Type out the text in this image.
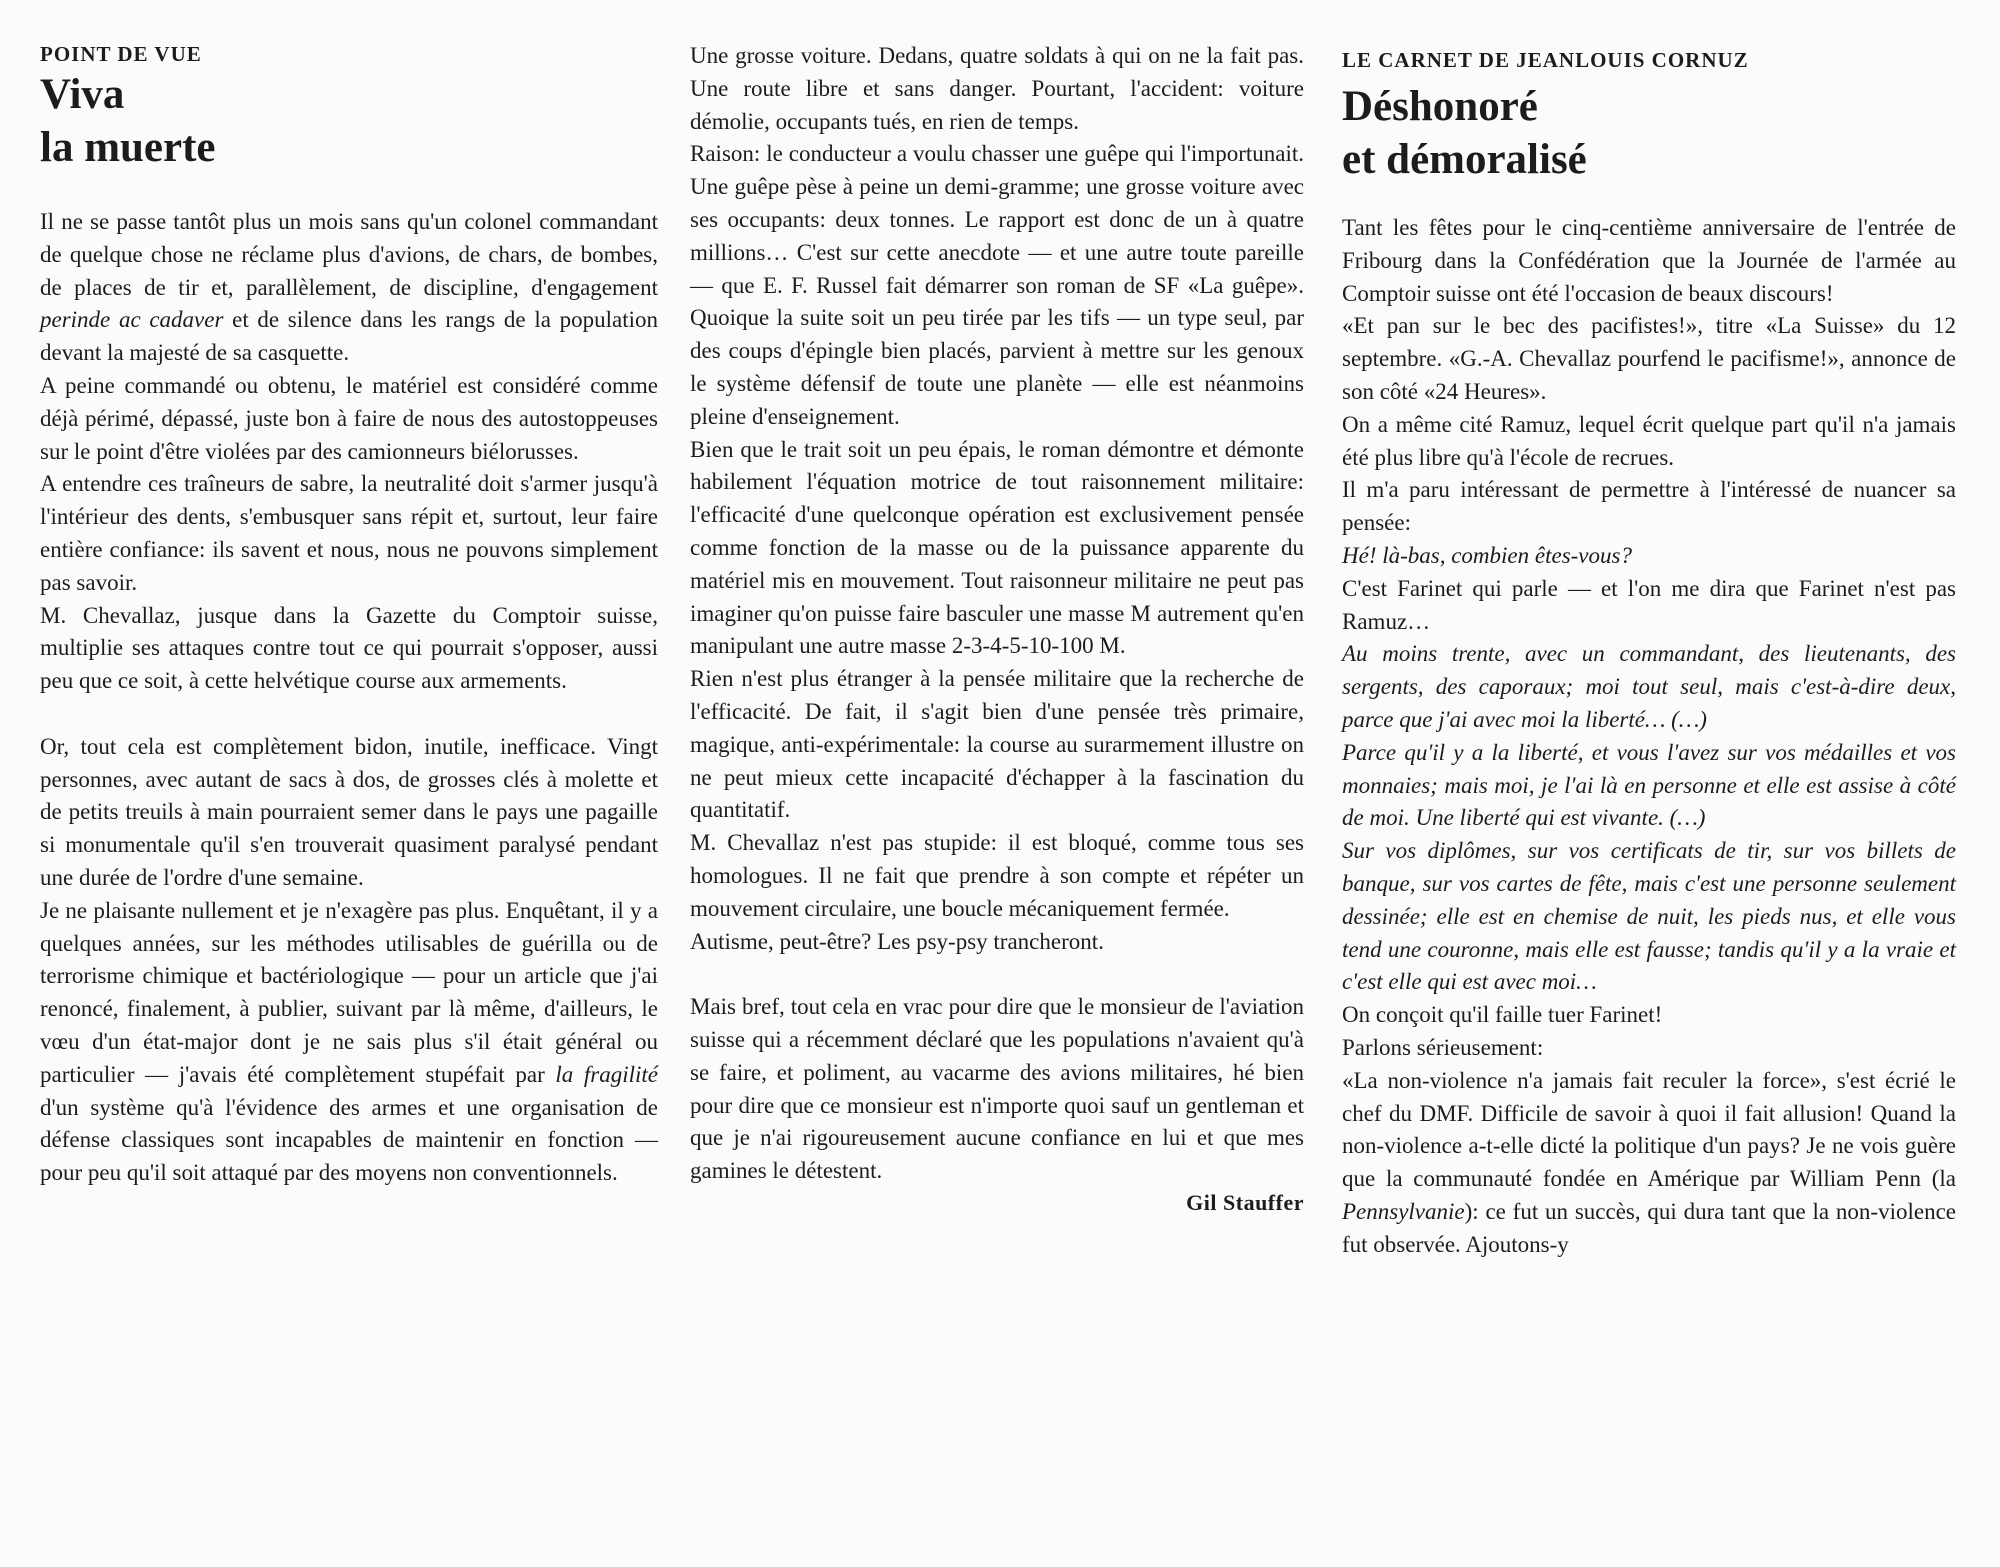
POINT DE VUE
Viva
la muerte

Il ne se passe tantôt plus un mois sans qu'un colonel commandant de quelque chose ne réclame plus d'avions, de chars, de bombes, de places de tir et, parallèlement, de discipline, d'engagement perinde ac cadaver et de silence dans les rangs de la population devant la majesté de sa casquette.

A peine commandé ou obtenu, le matériel est considéré comme déjà périmé, dépassé, juste bon à faire de nous des autostoppeuses sur le point d'être violées par des camionneurs biélorusses.

A entendre ces traîneurs de sabre, la neutralité doit s'armer jusqu'à l'intérieur des dents, s'embusquer sans répit et, surtout, leur faire entière confiance: ils savent et nous, nous ne pouvons simplement pas savoir.

M. Chevallaz, jusque dans la Gazette du Comptoir suisse, multiplie ses attaques contre tout ce qui pourrait s'opposer, aussi peu que ce soit, à cette helvétique course aux armements.

Or, tout cela est complètement bidon, inutile, inefficace. Vingt personnes, avec autant de sacs à dos, de grosses clés à molette et de petits treuils à main pourraient semer dans le pays une pagaille si monumentale qu'il s'en trouverait quasiment paralysé pendant une durée de l'ordre d'une semaine.

Je ne plaisante nullement et je n'exagère pas plus. Enquêtant, il y a quelques années, sur les méthodes utilisables de guérilla ou de terrorisme chimique et bactériologique — pour un article que j'ai renoncé, finalement, à publier, suivant par là même, d'ailleurs, le vœu d'un état-major dont je ne sais plus s'il était général ou particulier — j'avais été complètement stupéfait par la fragilité d'un système qu'à l'évidence des armes et une organisation de défense classiques sont incapables de maintenir en fonction — pour peu qu'il soit attaqué par des moyens non conventionnels.

Une grosse voiture. Dedans, quatre soldats à qui on ne la fait pas. Une route libre et sans danger. Pourtant, l'accident: voiture démolie, occupants tués, en rien de temps.

Raison: le conducteur a voulu chasser une guêpe qui l'importunait. Une guêpe pèse à peine un demi-gramme; une grosse voiture avec ses occupants: deux tonnes. Le rapport est donc de un à quatre millions… C'est sur cette anecdote — et une autre toute pareille — que E. F. Russel fait démarrer son roman de SF «La guêpe». Quoique la suite soit un peu tirée par les tifs — un type seul, par des coups d'épingle bien placés, parvient à mettre sur les genoux le système défensif de toute une planète — elle est néanmoins pleine d'enseignement.

Bien que le trait soit un peu épais, le roman démontre et démonte habilement l'équation motrice de tout raisonnement militaire: l'efficacité d'une quelconque opération est exclusivement pensée comme fonction de la masse ou de la puissance apparente du matériel mis en mouvement. Tout raisonneur militaire ne peut pas imaginer qu'on puisse faire basculer une masse M autrement qu'en manipulant une autre masse 2-3-4-5-10-100 M.

Rien n'est plus étranger à la pensée militaire que la recherche de l'efficacité. De fait, il s'agit bien d'une pensée très primaire, magique, anti-expérimentale: la course au surarmement illustre on ne peut mieux cette incapacité d'échapper à la fascination du quantitatif.

M. Chevallaz n'est pas stupide: il est bloqué, comme tous ses homologues. Il ne fait que prendre à son compte et répéter un mouvement circulaire, une boucle mécaniquement fermée.

Autisme, peut-être? Les psy-psy trancheront.

Mais bref, tout cela en vrac pour dire que le monsieur de l'aviation suisse qui a récemment déclaré que les populations n'avaient qu'à se faire, et poliment, au vacarme des avions militaires, hé bien pour dire que ce monsieur est n'importe quoi sauf un gentleman et que je n'ai rigoureusement aucune confiance en lui et que mes gamines le détestent.

Gil Stauffer
LE CARNET DE JEANLOUIS CORNUZ
Déshonoré
et démoralisé

Tant les fêtes pour le cinq-centième anniversaire de l'entrée de Fribourg dans la Confédération que la Journée de l'armée au Comptoir suisse ont été l'occasion de beaux discours!

«Et pan sur le bec des pacifistes!», titre «La Suisse» du 12 septembre. «G.-A. Chevallaz pourfend le pacifisme!», annonce de son côté «24 Heures».

On a même cité Ramuz, lequel écrit quelque part qu'il n'a jamais été plus libre qu'à l'école de recrues.

Il m'a paru intéressant de permettre à l'intéressé de nuancer sa pensée:

Hé! là-bas, combien êtes-vous?

C'est Farinet qui parle — et l'on me dira que Farinet n'est pas Ramuz…

Au moins trente, avec un commandant, des lieutenants, des sergents, des caporaux; moi tout seul, mais c'est-à-dire deux, parce que j'ai avec moi la liberté… (…)

Parce qu'il y a la liberté, et vous l'avez sur vos médailles et vos monnaies; mais moi, je l'ai là en personne et elle est assise à côté de moi. Une liberté qui est vivante. (…)

Sur vos diplômes, sur vos certificats de tir, sur vos billets de banque, sur vos cartes de fête, mais c'est une personne seulement dessinée; elle est en chemise de nuit, les pieds nus, et elle vous tend une couronne, mais elle est fausse; tandis qu'il y a la vraie et c'est elle qui est avec moi…

On conçoit qu'il faille tuer Farinet!

Parlons sérieusement:

«La non-violence n'a jamais fait reculer la force», s'est écrié le chef du DMF. Difficile de savoir à quoi il fait allusion! Quand la non-violence a-t-elle dicté la politique d'un pays? Je ne vois guère que la communauté fondée en Amérique par William Penn (la Pennsylvanie): ce fut un succès, qui dura tant que la non-violence fut observée. Ajoutons-y
